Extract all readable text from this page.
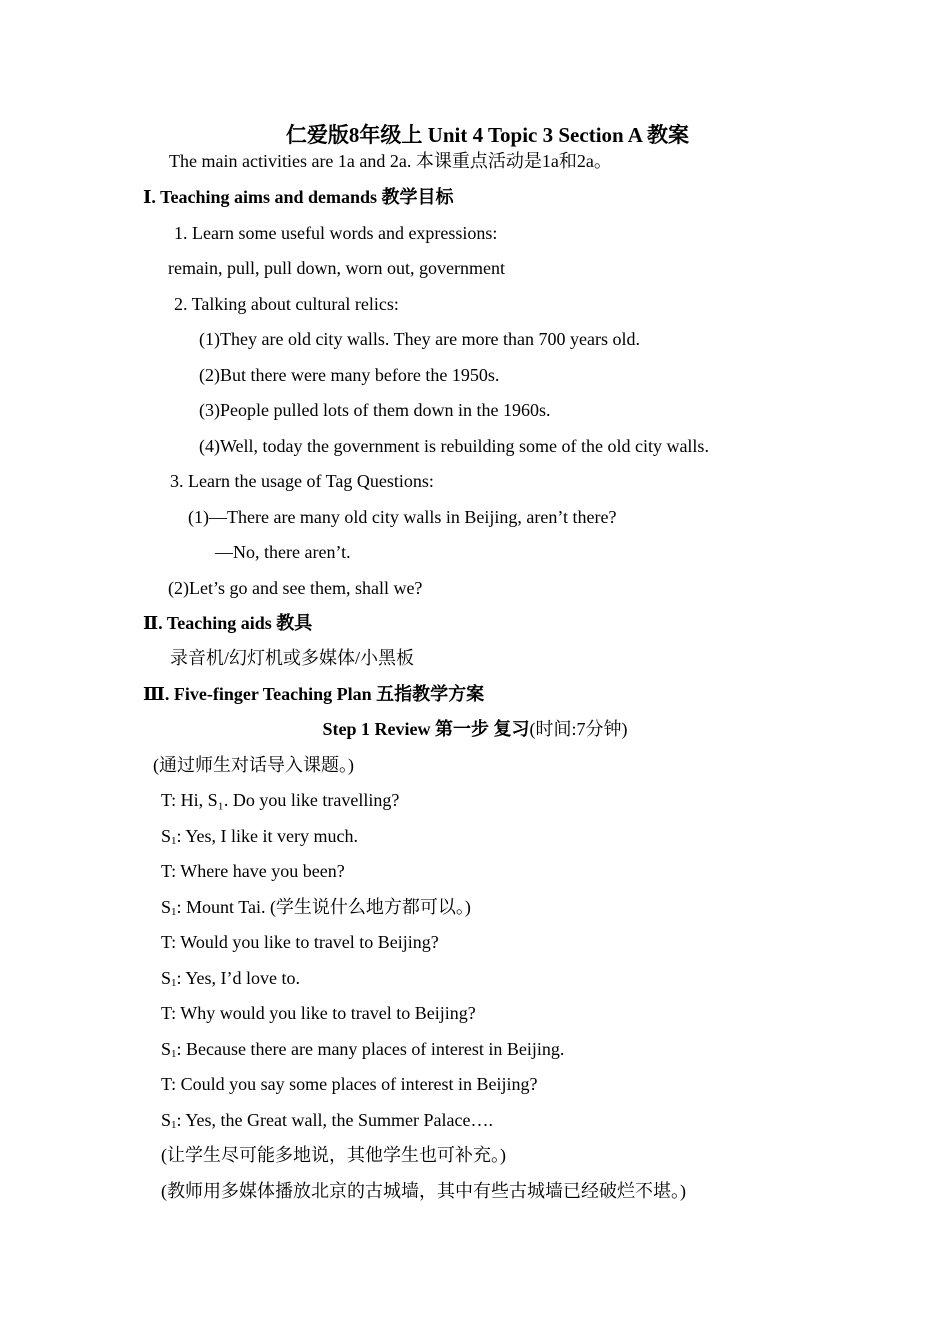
仁爱版8年级上 Unit 4 Topic 3 Section A 教案
The main activities are 1a and 2a. 本课重点活动是1a和2a。
Ⅰ. Teaching aims and demands 教学目标
1. Learn some useful words and expressions:
remain, pull, pull down, worn out, government
2. Talking about cultural relics:
(1)They are old city walls. They are more than 700 years old.
(2)But there were many before the 1950s.
(3)People pulled lots of them down in the 1960s.
(4)Well, today the government is rebuilding some of the old city walls.
3. Learn the usage of Tag Questions:
(1)—There are many old city walls in Beijing, aren’t there?
—No, there aren’t.
(2)Let’s go and see them, shall we?
Ⅱ. Teaching aids 教具
录音机/幻灯机或多媒体/小黑板
Ⅲ. Five-finger Teaching Plan 五指教学方案
Step 1 Review 第一步 复习(时间:7分钟)
(通过师生对话导入课题。)
T: Hi, S₁. Do you like travelling?
$S_1$: Yes, I like it very much.
T: Where have you been?
$S_1$: Mount Tai. (学生说什么地方都可以。)
T: Would you like to travel to Beijing?
$S_1$: Yes, I’d love to.
T: Why would you like to travel to Beijing?
$S_1$: Because there are many places of interest in Beijing.
T: Could you say some places of interest in Beijing?
$S_1$: Yes, the Great wall, the Summer Palace….
(让学生尽可能多地说，其他学生也可补充。)
(教师用多媒体播放北京的古城墙，其中有些古城墙已经破烂不堪。)
